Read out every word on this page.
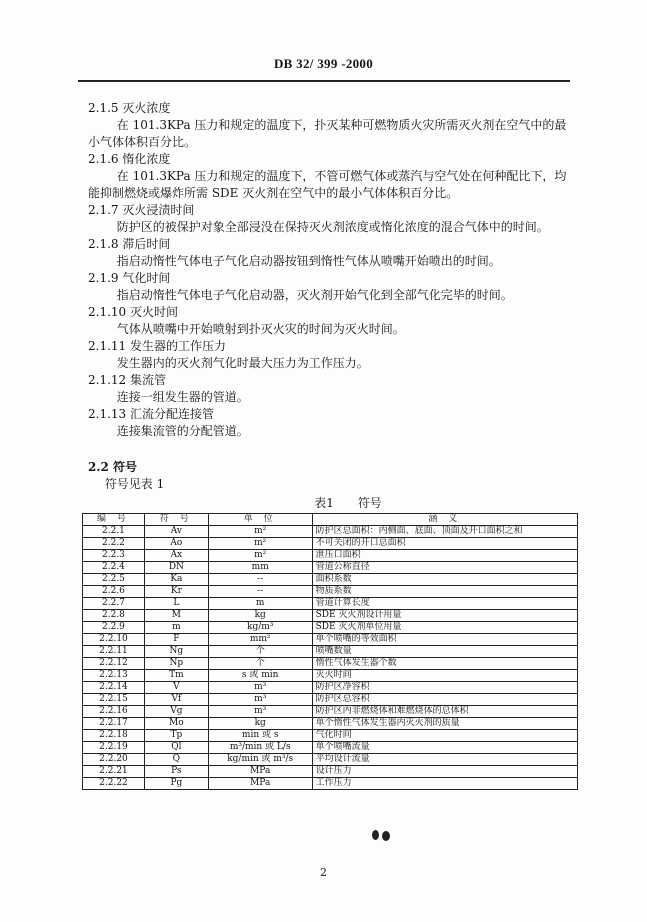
DB 32/ 399 -2000

2.1.5 灭火浓度

在 101.3KPa 压力和规定的温度下，扑灭某种可燃物质火灾所需灭火剂在空气中的最小气体体积百分比。

2.1.6 惰化浓度

在 101.3KPa 压力和规定的温度下，不管可燃气体或蒸汽与空气处在何种配比下，均能抑制燃烧或爆炸所需 SDE 灭火剂在空气中的最小气体体积百分比。

2.1.7 灭火浸渍时间

防护区的被保护对象全部浸没在保持灭火剂浓度或惰化浓度的混合气体中的时间。

2.1.8 滞后时间

指启动惰性气体电子气化启动器按钮到惰性气体从喷嘴开始喷出的时间。

2.1.9 气化时间

指启动惰性气体电子气化启动器，灭火剂开始气化到全部气化完毕的时间。

2.1.10 灭火时间

气体从喷嘴中开始喷射到扑灭火灾的时间为灭火时间。

2.1.11 发生器的工作压力

发生器内的灭火剂气化时最大压力为工作压力。

2.1.12 集流管

连接一组发生器的管道。

2.1.13 汇流分配连接管

连接集流管的分配管道。

2.2 符号

符号见表 1

表1 符号
编 号	符 号	单 位	涵 义
2.2.1	Av	m²	防护区总面积：内侧面、底面、顶面及开口面积之和
2.2.2	Ao	m²	不可关闭的开口总面积
2.2.3	Ax	m²	泄压口面积
2.2.4	DN	mm	管道公称直径
2.2.5	Ka	--	面积系数
2.2.6	Kr	--	物质系数
2.2.7	L	m	管道计算长度
2.2.8	M	kg	SDE 灭火剂设计用量
2.2.9	m	kg/m³	SDE 灭火剂单位用量
2.2.10	F	mm²	单个喷嘴的等效面积
2.2.11	Ng	个	喷嘴数量
2.2.12	Np	个	惰性气体发生器个数
2.2.13	Tm	s 或 min	灭火时间
2.2.14	V	m³	防护区净容积
2.2.15	Vf	m³	防护区总容积
2.2.16	Vg	m³	防护区内非燃烧体和难燃烧体的总体积
2.2.17	Mo	kg	单个惰性气体发生器内灭火剂的质量
2.2.18	Tp	min 或 s	气化时间
2.2.19	Ql	m³/min 或 L/s	单个喷嘴流量
2.2.20	Q	kg/min 或 m³/s	平均设计流量
2.2.21	Ps	MPa	设计压力
2.2.22	Pg	MPa	工作压力
2
